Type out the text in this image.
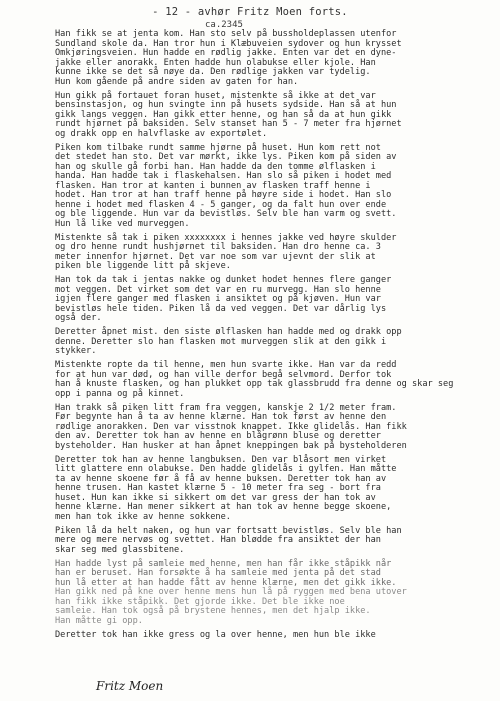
- 12 - avhør Fritz Moen forts.
ca.2345
Han fikk se at jenta kom. Han sto selv på bussholdeplassen utenfor
Sundland skole da. Han tror hun i Klæbuveien sydover og hun krysset
Omkjøringsveien. Hun hadde en rødlig jakke. Enten var det en dyne-
jakke eller anorakk. Enten hadde hun olabukse eller kjole. Han
kunne ikke se det så nøye da. Den rødlige jakken var tydelig.
Hun kom gående på andre siden av gaten for han.
Hun gikk på fortauet foran huset, mistenkte så ikke at det var
bensinstasjon, og hun svingte inn på husets sydside. Han så at hun
gikk langs veggen. Han gikk etter henne, og han så da at hun gikk
rundt hjørnet på baksiden. Selv stanset han 5 - 7 meter fra hjørnet
og drakk opp en halvflaske av exportølet.
Piken kom tilbake rundt samme hjørne på huset. Hun kom rett not
det stedet han sto. Det var mørkt, ikke lys. Piken kom på siden av
han og skulle gå forbi han. Han hadde da den tomme ølflasken i
handa. Han hadde tak i flaskehalsen. Han slo så piken i hodet med
flasken. Han tror at kanten i bunnen av flasken traff henne i
hodet. Han tror at han traff henne på høyre side i hodet. Han slo
henne i hodet med flasken 4 - 5 ganger, og da falt hun over ende
og ble liggende. Hun var da bevistløs. Selv ble han varm og svett.
Hun lå like ved murveggen.
Mistenkte så tak i piken xxxxxxxx i hennes jakke ved høyre skulder
og dro henne rundt hushjørnet til baksiden. Han dro henne ca. 3
meter innenfor hjørnet. Det var noe som var ujevnt der slik at
piken ble liggende litt på skjeve.
Han tok da tak i jentas nakke og dunket hodet hennes flere ganger
mot veggen. Det virket som det var en ru murvegg. Han slo henne
igjen flere ganger med flasken i ansiktet og på kjøven. Hun var
bevistløs hele tiden. Piken lå da ved veggen. Det var dårlig lys
også der.
Deretter åpnet mist. den siste ølflasken han hadde med og drakk opp
denne. Deretter slo han flasken mot murveggen slik at den gikk i
stykker.
Mistenkte ropte da til henne, men hun svarte ikke. Han var da redd
for at hun var død, og han ville derfor begå selvmord. Derfor tok
han å knuste flasken, og han plukket opp tak glassbrudd fra denne og skar seg
opp i panna og på kinnet.
Han trakk så piken litt fram fra veggen, kanskje 2 1/2 meter fram.
Før begynte han å ta av henne klærne. Han tok først av henne den
rødlige anorakken. Den var visstnok knappet. Ikke glidelås. Han fikk
den av. Deretter tok han av henne en blågrønn bluse og deretter
bysteholder. Han husker at han åpnet kneppingen bak på bysteholderen
Deretter tok han av henne langbuksen. Den var blåsort men virket
litt glattere enn olabukse. Den hadde glidelås i gylfen. Han måtte
ta av henne skoene før å få av henne buksen. Deretter tok han av
henne trusen. Han kastet klærne 5 - 10 meter fra seg - bort fra
huset. Hun kan ikke si sikkert om det var gress der han tok av
henne klærne. Han mener sikkert at han tok av henne begge skoene,
men han tok ikke av henne sokkene.
Piken lå da helt naken, og hun var fortsatt bevistløs. Selv ble han
mere og mere nervøs og svettet. Han blødde fra ansiktet der han
skar seg med glassbitene.
Han hadde lyst på samleie med henne, men han får ikke ståpikk når
han er beruset. Han forsøkte å ha samleie med jenta på det stad
hun lå etter at han hadde fått av henne klærne, men det gikk ikke.
Han gikk ned på kne over henne mens hun lå på ryggen med bena utover
han fikk ikke ståpikk. Det gjorde ikke. Det ble ikke noe
samleie. Han tok også på brystene hennes, men det hjalp ikke.
Han måtte gi opp.
Deretter tok han ikke gress og la over henne, men hun ble ikke
Fritz Moen
